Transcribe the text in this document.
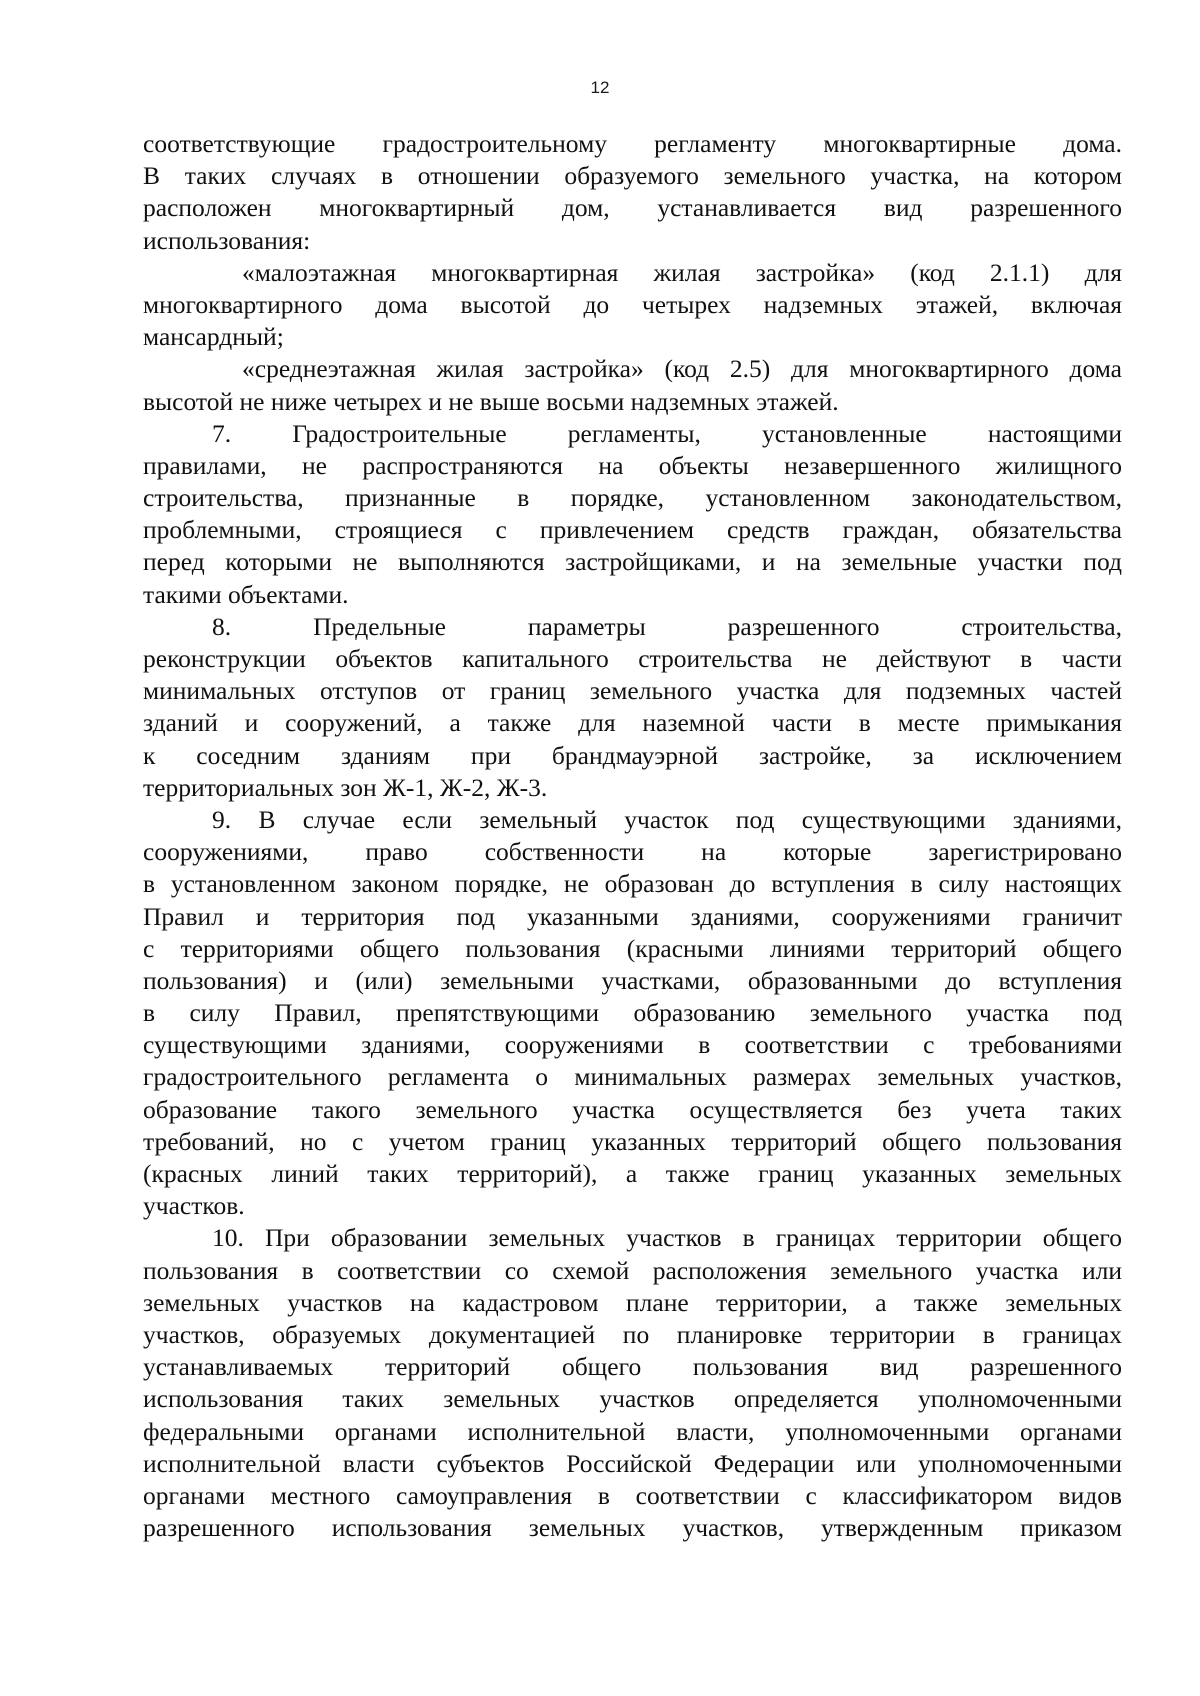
12
соответствующие градостроительному регламенту многоквартирные дома.
В таких случаях в отношении образуемого земельного участка, на котором
расположен многоквартирный дом, устанавливается вид разрешенного
использования:
«малоэтажная многоквартирная жилая застройка» (код 2.1.1) для
многоквартирного дома высотой до четырех надземных этажей, включая
мансардный;
«среднеэтажная жилая застройка» (код 2.5) для многоквартирного дома
высотой не ниже четырех и не выше восьми надземных этажей.
7. Градостроительные регламенты, установленные настоящими
правилами, не распространяются на объекты незавершенного жилищного
строительства, признанные в порядке, установленном законодательством,
проблемными, строящиеся с привлечением средств граждан, обязательства
перед которыми не выполняются застройщиками, и на земельные участки под
такими объектами.
8. Предельные параметры разрешенного строительства,
реконструкции объектов капитального строительства не действуют в части
минимальных отступов от границ земельного участка для подземных частей
зданий и сооружений, а также для наземной части в месте примыкания
к соседним зданиям при брандмауэрной застройке, за исключением
территориальных зон Ж-1, Ж-2, Ж-3.
9. В случае если земельный участок под существующими зданиями,
сооружениями, право собственности на которые зарегистрировано
в установленном законом порядке, не образован до вступления в силу настоящих
Правил и территория под указанными зданиями, сооружениями граничит
с территориями общего пользования (красными линиями территорий общего
пользования) и (или) земельными участками, образованными до вступления
в силу Правил, препятствующими образованию земельного участка под
существующими зданиями, сооружениями в соответствии с требованиями
градостроительного регламента о минимальных размерах земельных участков,
образование такого земельного участка осуществляется без учета таких
требований, но с учетом границ указанных территорий общего пользования
(красных линий таких территорий), а также границ указанных земельных
участков.
10. При образовании земельных участков в границах территории общего
пользования в соответствии со схемой расположения земельного участка или
земельных участков на кадастровом плане территории, а также земельных
участков, образуемых документацией по планировке территории в границах
устанавливаемых территорий общего пользования вид разрешенного
использования таких земельных участков определяется уполномоченными
федеральными органами исполнительной власти, уполномоченными органами
исполнительной власти субъектов Российской Федерации или уполномоченными
органами местного самоуправления в соответствии с классификатором видов
разрешенного использования земельных участков, утвержденным приказом
